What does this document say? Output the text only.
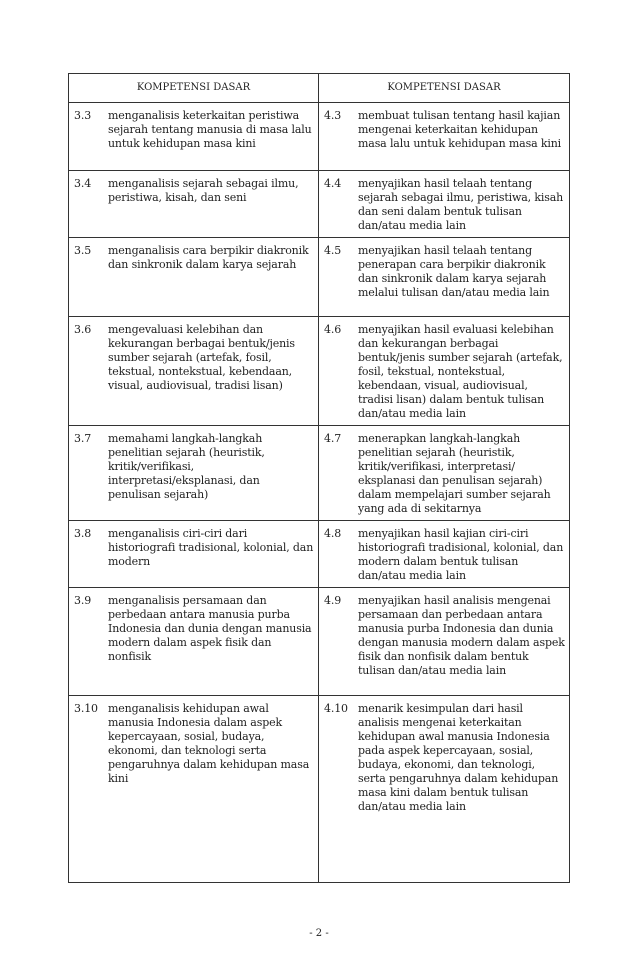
KOMPETENSI DASAR	KOMPETENSI DASAR

3.3 menganalisis keterkaitan peristiwa sejarah tentang manusia di masa lalu untuk kehidupan masa kini	4.3 membuat tulisan tentang hasil kajian mengenai keterkaitan kehidupan masa lalu untuk kehidupan masa kini

3.4 menganalisis sejarah sebagai ilmu, peristiwa, kisah, dan seni	4.4 menyajikan hasil telaah tentang sejarah sebagai ilmu, peristiwa, kisah dan seni dalam bentuk tulisan dan/atau media lain

3.5 menganalisis cara berpikir diakronik dan sinkronik dalam karya sejarah	4.5 menyajikan hasil telaah tentang penerapan cara berpikir diakronik dan sinkronik dalam karya sejarah melalui tulisan dan/atau media lain

3.6 mengevaluasi kelebihan dan kekurangan berbagai bentuk/jenis sumber sejarah (artefak, fosil, tekstual, nontekstual, kebendaan, visual, audiovisual, tradisi lisan)	4.6 menyajikan hasil evaluasi kelebihan dan kekurangan berbagai bentuk/jenis sumber sejarah (artefak, fosil, tekstual, nontekstual, kebendaan, visual, audiovisual, tradisi lisan) dalam bentuk tulisan dan/atau media lain

3.7 memahami langkah-langkah penelitian sejarah (heuristik, kritik/verifikasi, interpretasi/eksplanasi, dan penulisan sejarah)	4.7 menerapkan langkah-langkah penelitian sejarah (heuristik, kritik/verifikasi, interpretasi/ eksplanasi dan penulisan sejarah) dalam mempelajari sumber sejarah yang ada di sekitarnya

3.8 menganalisis ciri-ciri dari historiografi tradisional, kolonial, dan modern	4.8 menyajikan hasil kajian ciri-ciri historiografi tradisional, kolonial, dan modern dalam bentuk tulisan dan/atau media lain

3.9 menganalisis persamaan dan perbedaan antara manusia purba Indonesia dan dunia dengan manusia modern dalam aspek fisik dan nonfisik	4.9 menyajikan hasil analisis mengenai persamaan dan perbedaan antara manusia purba Indonesia dan dunia dengan manusia modern dalam aspek fisik dan nonfisik dalam bentuk tulisan dan/atau media lain

3.10 menganalisis kehidupan awal manusia Indonesia dalam aspek kepercayaan, sosial, budaya, ekonomi, dan teknologi serta pengaruhnya dalam kehidupan masa kini	4.10 menarik kesimpulan dari hasil analisis mengenai keterkaitan kehidupan awal manusia Indonesia pada aspek kepercayaan, sosial, budaya, ekonomi, dan teknologi, serta pengaruhnya dalam kehidupan masa kini dalam bentuk tulisan dan/atau media lain
- 2 -
